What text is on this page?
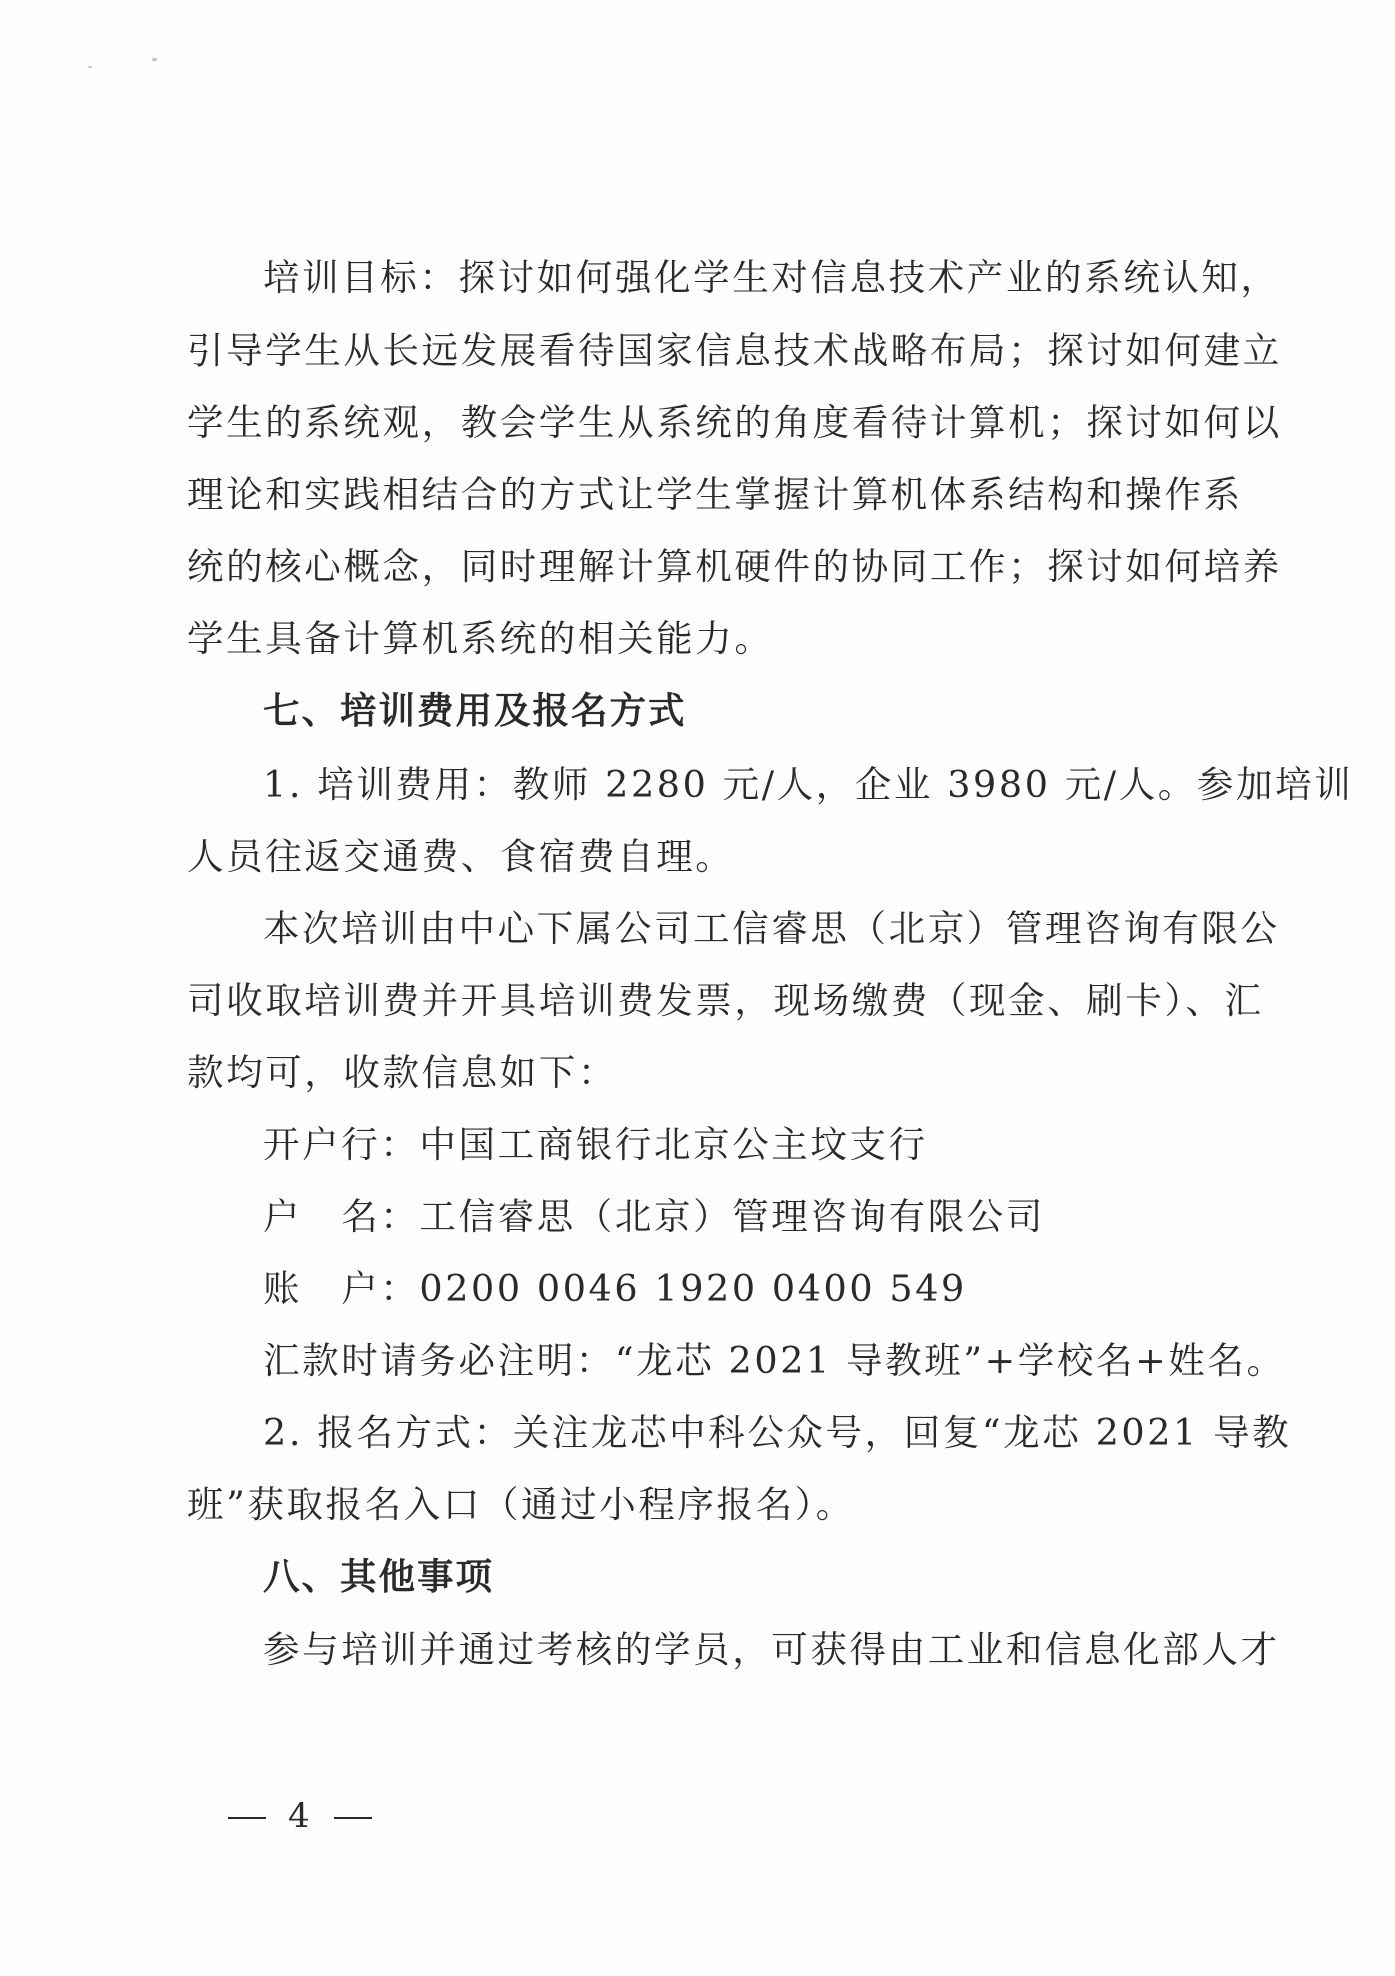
培训目标：探讨如何强化学生对信息技术产业的系统认知，
引导学生从长远发展看待国家信息技术战略布局；探讨如何建立
学生的系统观，教会学生从系统的角度看待计算机；探讨如何以
理论和实践相结合的方式让学生掌握计算机体系结构和操作系
统的核心概念，同时理解计算机硬件的协同工作；探讨如何培养
学生具备计算机系统的相关能力。
七、培训费用及报名方式
1. 培训费用：教师 2280 元/人，企业 3980 元/人。参加培训
人员往返交通费、食宿费自理。
本次培训由中心下属公司工信睿思（北京）管理咨询有限公
司收取培训费并开具培训费发票，现场缴费（现金、刷卡）、汇
款均可，收款信息如下：
开户行：中国工商银行北京公主坟支行
户　名：工信睿思（北京）管理咨询有限公司
账　户：0200 0046 1920 0400 549
汇款时请务必注明：“龙芯 2021 导教班”+学校名+姓名。
2. 报名方式：关注龙芯中科公众号，回复“龙芯 2021 导教
班”获取报名入口（通过小程序报名）。
八、其他事项
参与培训并通过考核的学员，可获得由工业和信息化部人才
4
